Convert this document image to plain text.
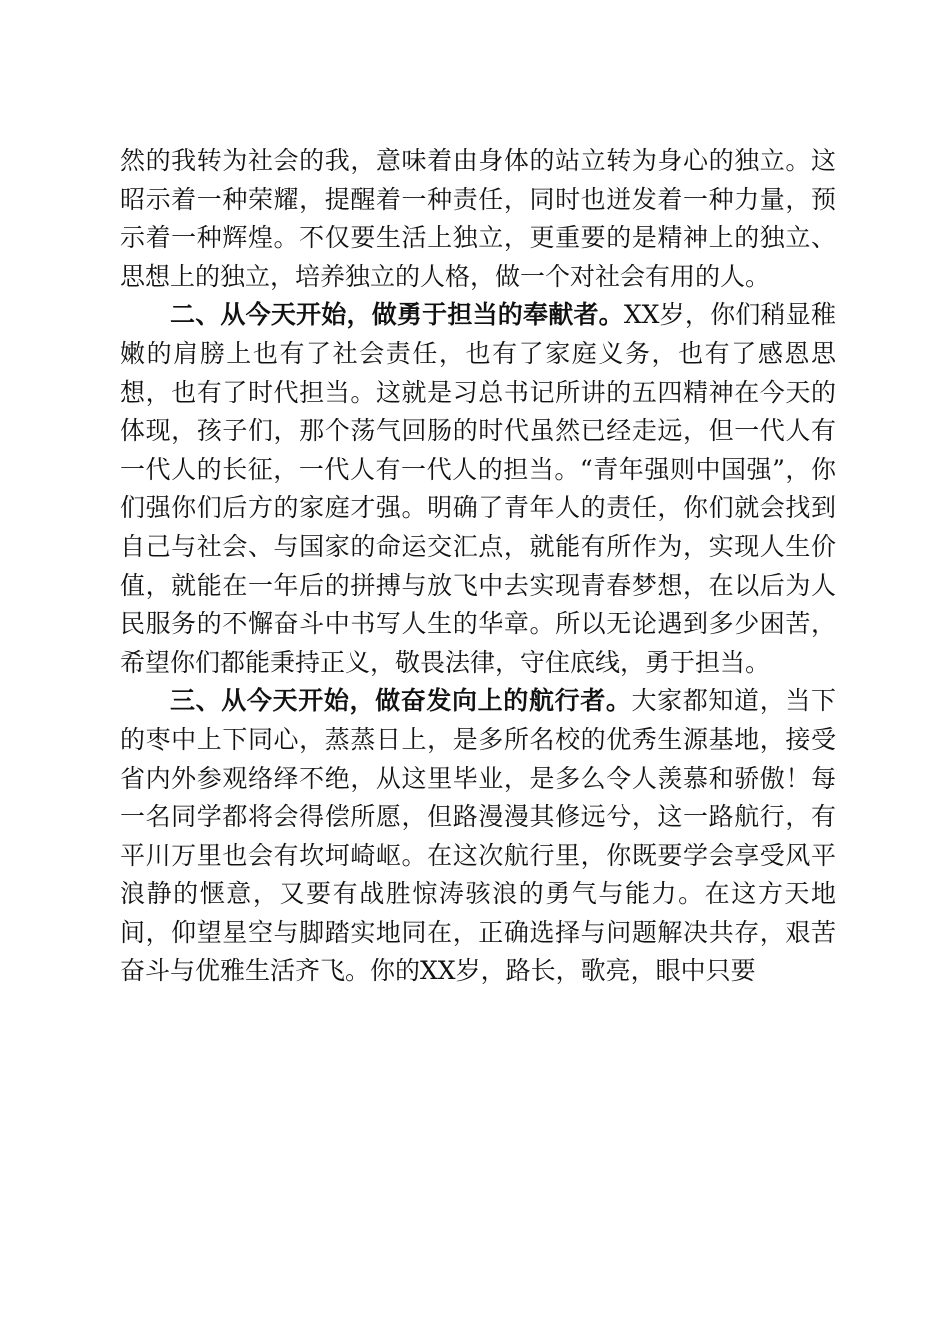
然的我转为社会的我，意味着由身体的站立转为身心的独立。这昭示着一种荣耀，提醒着一种责任，同时也迸发着一种力量，预示着一种辉煌。不仅要生活上独立，更重要的是精神上的独立、思想上的独立，培养独立的人格，做一个对社会有用的人。

二、从今天开始，做勇于担当的奉献者。XX岁，你们稍显稚嫩的肩膀上也有了社会责任，也有了家庭义务，也有了感恩思想，也有了时代担当。这就是习总书记所讲的五四精神在今天的体现，孩子们，那个荡气回肠的时代虽然已经走远，但一代人有一代人的长征，一代人有一代人的担当。“青年强则中国强”，你们强你们后方的家庭才强。明确了青年人的责任，你们就会找到自己与社会、与国家的命运交汇点，就能有所作为，实现人生价值，就能在一年后的拼搏与放飞中去实现青春梦想，在以后为人民服务的不懈奋斗中书写人生的华章。所以无论遇到多少困苦，希望你们都能秉持正义，敬畏法律，守住底线，勇于担当。

三、从今天开始，做奋发向上的航行者。大家都知道，当下的枣中上下同心，蒸蒸日上，是多所名校的优秀生源基地，接受省内外参观络绎不绝，从这里毕业，是多么令人羡慕和骄傲！每一名同学都将会得偿所愿，但路漫漫其修远兮，这一路航行，有平川万里也会有坎坷崎岖。在这次航行里，你既要学会享受风平浪静的惬意，又要有战胜惊涛骇浪的勇气与能力。在这方天地间，仰望星空与脚踏实地同在，正确选择与问题解决共存，艰苦奋斗与优雅生活齐飞。你的XX岁，路长，歌亮，眼中只要
